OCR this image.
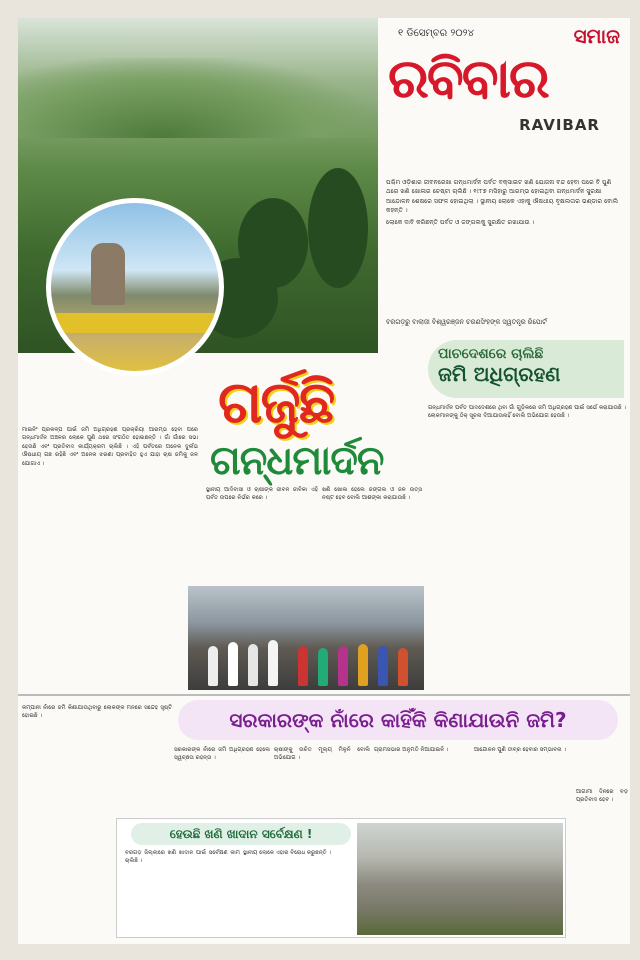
୧ ଡିସେମ୍ବର ୨୦୨୪	ସମାଜ
ରବିବାର
RAVIBAR

ପଶ୍ଚିମ ଓଡ଼ିଶାର ଜୀବନରେଖା ଗନ୍ଧମାର୍ଦନ ପର୍ବତ ବକ୍ସାଇଟ ଖଣି ଯୋଜନା ବନ୍ଦ ହେବା ପରେ ବି ପୁଣି ଥରେ ଖଣି ଖୋଳାର ଚେଷ୍ଟା ଚାଲିଛି । ୧୯୮୭ ମସିହାରୁ ଆରମ୍ଭ ହୋଇଥିବା ଗନ୍ଧମାର୍ଦନ ସୁରକ୍ଷା ଆନ୍ଦୋଳନ ଶେଷରେ ସଫଳ ହୋଇଥିଲା । ସ୍ଥାନୀୟ ଲୋକେ ଏହାକୁ ଔଷଧୀୟ ବୃକ୍ଷଲତାର ଭଣ୍ଡାର ବୋଲି କହନ୍ତି ।

ଲୋକେ ଦାବି କରିଛନ୍ତି ପର୍ବତ ଓ ଜଙ୍ଗଲକୁ ସୁରକ୍ଷିତ ରଖାଯାଉ ।

ବରଗଡ଼ରୁ ବାଲାଜୀ ବିଶ୍ୱରଞ୍ଜନ ଚରଣସିଂହଙ୍କ ସ୍ୱତନ୍ତ୍ର ରିପୋର୍ଟ
ପାଚଦେଶରେ ଚାଲିଛି
ଜମି ଅଧିଗ୍ରହଣ
ଗର୍ଜୁଛି
ଗନ୍ଧମାର୍ଦନ
ମାଇନିଂ ପ୍ରକଳ୍ପ ପାଇଁ ଜମି ଅଧିଗ୍ରହଣ ପ୍ରକ୍ରିୟା ଆରମ୍ଭ ହେବା ପରେ ଗନ୍ଧମାର୍ଦନ ଅଞ୍ଚଳର ଲୋକେ ପୁଣି ଥରେ ସଂଗଠିତ ହୋଇଛନ୍ତି । ଗାଁ ଗାଁରେ ସଭା ହେଉଛି ଏବଂ ପ୍ରତିବାଦ କାର୍ଯ୍ୟକ୍ରମ ଚାଲିଛି । ଏହି ପର୍ବତରେ ଅନେକ ଦୁର୍ଲଭ ଔଷଧୀୟ ଗଛ ରହିଛି ଏବଂ ଅନେକ ଝରଣା ପ୍ରବାହିତ ହୁଏ ଯାହା ଚାଷ ଜମିକୁ ଜଳ ଯୋଗାଏ ।
ସ୍ଥାନୀୟ ଆଦିବାସୀ ଓ ଚାଷୀଙ୍କ ଜୀବନ ଜୀବିକା ଏହି ପର୍ବତ ଉପରେ ନିର୍ଭର କରେ ।
ଖଣି ଖୋଳା ହେଲେ ଜଙ୍ଗଲ ଓ ଜଳ ଉତ୍ସ ନଷ୍ଟ ହେବ ବୋଲି ଆଶଙ୍କା କରାଯାଉଛି ।
ଗନ୍ଧମାର୍ଦନ ପର୍ବତ ପାଦଦେଶରେ ଥିବା ଗାଁ ଗୁଡ଼ିକରେ ଜମି ଅଧିଗ୍ରହଣ ପାଇଁ ସର୍ଭେ କରାଯାଉଛି । ଲୋକମାନଙ୍କୁ ଠିକ୍ ସୂଚନା ଦିଆଯାଉନାହିଁ ବୋଲି ଅଭିଯୋଗ ହେଉଛି ।
କମ୍ପାନୀ ନାଁରେ ଜମି କିଣାଯାଉଥିବାରୁ ଲୋକଙ୍କ ମନରେ ସନ୍ଦେହ ସୃଷ୍ଟି ହୋଇଛି ।	ସରକାରଙ୍କ ନାଁରେ କାହିଁକି କିଣାଯାଉନି ଜମି?
ସରକାରଙ୍କ ନାଁରେ ଜମି ଅଧିଗ୍ରହଣ ହେଲେ ସ୍ୱଚ୍ଛତା ରହନ୍ତା ।
ଚାଷୀଙ୍କୁ ଉଚିତ ମୂଲ୍ୟ ମିଳୁନି ବୋଲି ଅଭିଯୋଗ ।
ଗ୍ରାମସଭାର ଅନୁମତି ନିଆଯାଇନି ।	ଆନ୍ଦୋଳନ ପୁଣି ତୀବ୍ର ହେବାର ସମ୍ଭାବନା ।
ଆଗାମୀ ଦିନରେ ବଡ଼ ପ୍ରତିବାଦ ହେବ ।
ହେଉଛି ଖଣି ଖାଦାନ ସର୍ବେକ୍ଷଣ !
ବରଗଡ଼ ଜିଲ୍ଲାରେ ଖଣି ଖାଦାନ ପାଇଁ ସର୍ବେକ୍ଷଣ କାମ ଚାଲିଛି ।
ସ୍ଥାନୀୟ ଲୋକେ ଏହାର ବିରୋଧ କରୁଛନ୍ତି ।
